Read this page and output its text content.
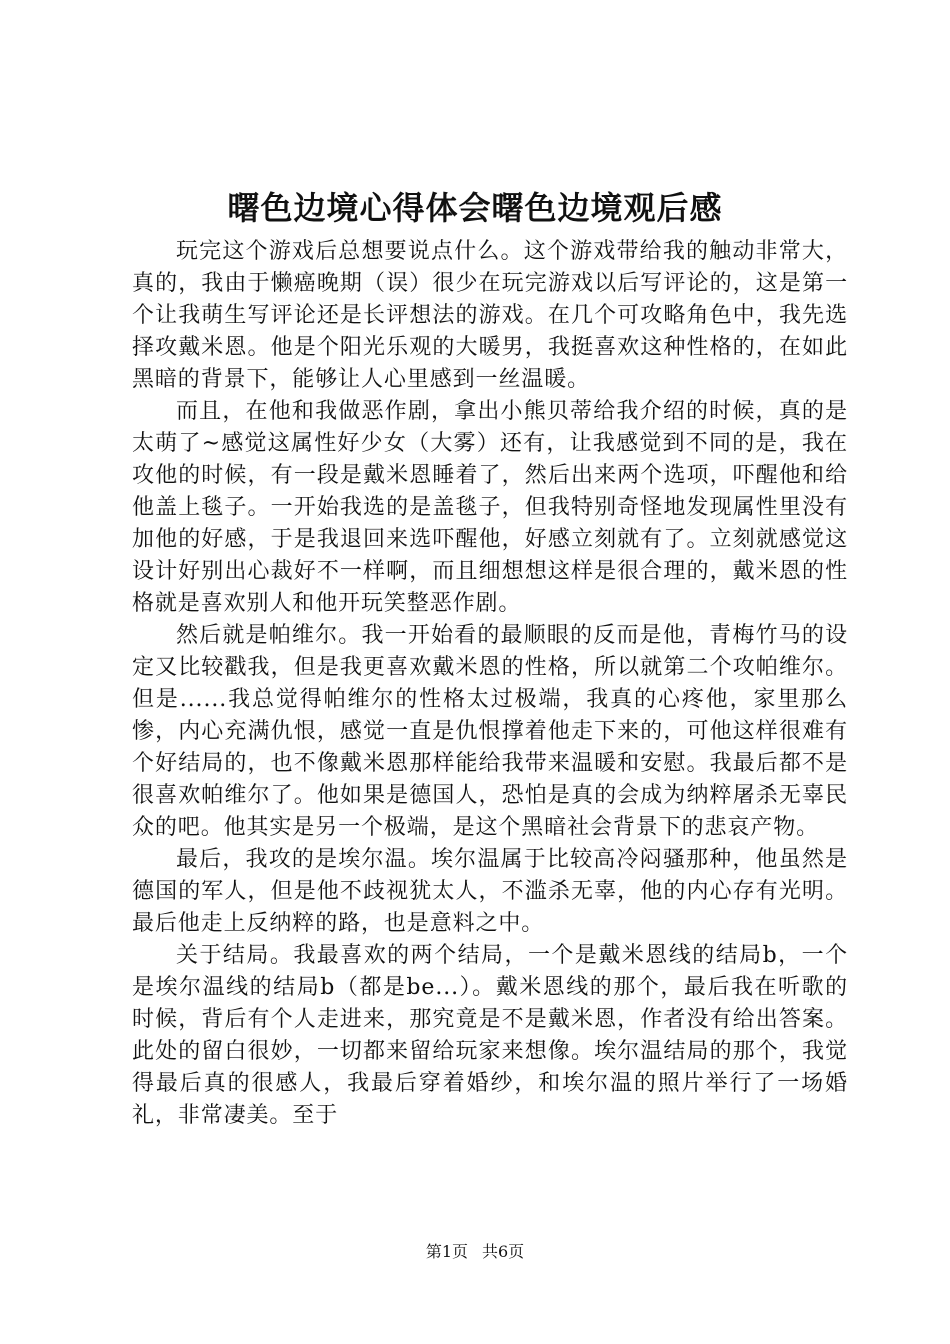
曙色边境心得体会曙色边境观后感

玩完这个游戏后总想要说点什么。这个游戏带给我的触动非常大，真的，我由于懒癌晚期（误）很少在玩完游戏以后写评论的，这是第一个让我萌生写评论还是长评想法的游戏。在几个可攻略角色中，我先选择攻戴米恩。他是个阳光乐观的大暖男，我挺喜欢这种性格的，在如此黑暗的背景下，能够让人心里感到一丝温暖。

而且，在他和我做恶作剧，拿出小熊贝蒂给我介绍的时候，真的是太萌了~感觉这属性好少女（大雾）还有，让我感觉到不同的是，我在攻他的时候，有一段是戴米恩睡着了，然后出来两个选项，吓醒他和给他盖上毯子。一开始我选的是盖毯子，但我特别奇怪地发现属性里没有加他的好感，于是我退回来选吓醒他，好感立刻就有了。立刻就感觉这设计好别出心裁好不一样啊，而且细想想这样是很合理的，戴米恩的性格就是喜欢别人和他开玩笑整恶作剧。

然后就是帕维尔。我一开始看的最顺眼的反而是他，青梅竹马的设定又比较戳我，但是我更喜欢戴米恩的性格，所以就第二个攻帕维尔。但是......我总觉得帕维尔的性格太过极端，我真的心疼他，家里那么惨，内心充满仇恨，感觉一直是仇恨撑着他走下来的，可他这样很难有个好结局的，也不像戴米恩那样能给我带来温暖和安慰。我最后都不是很喜欢帕维尔了。他如果是德国人，恐怕是真的会成为纳粹屠杀无辜民众的吧。他其实是另一个极端，是这个黑暗社会背景下的悲哀产物。

最后，我攻的是埃尔温。埃尔温属于比较高冷闷骚那种，他虽然是德国的军人，但是他不歧视犹太人，不滥杀无辜，他的内心存有光明。最后他走上反纳粹的路，也是意料之中。

关于结局。我最喜欢的两个结局，一个是戴米恩线的结局b，一个是埃尔温线的结局b（都是be...）。戴米恩线的那个，最后我在听歌的时候，背后有个人走进来，那究竟是不是戴米恩，作者没有给出答案。此处的留白很妙，一切都来留给玩家来想像。埃尔温结局的那个，我觉得最后真的很感人，我最后穿着婚纱，和埃尔温的照片举行了一场婚礼，非常凄美。至于

第1页 共6页
